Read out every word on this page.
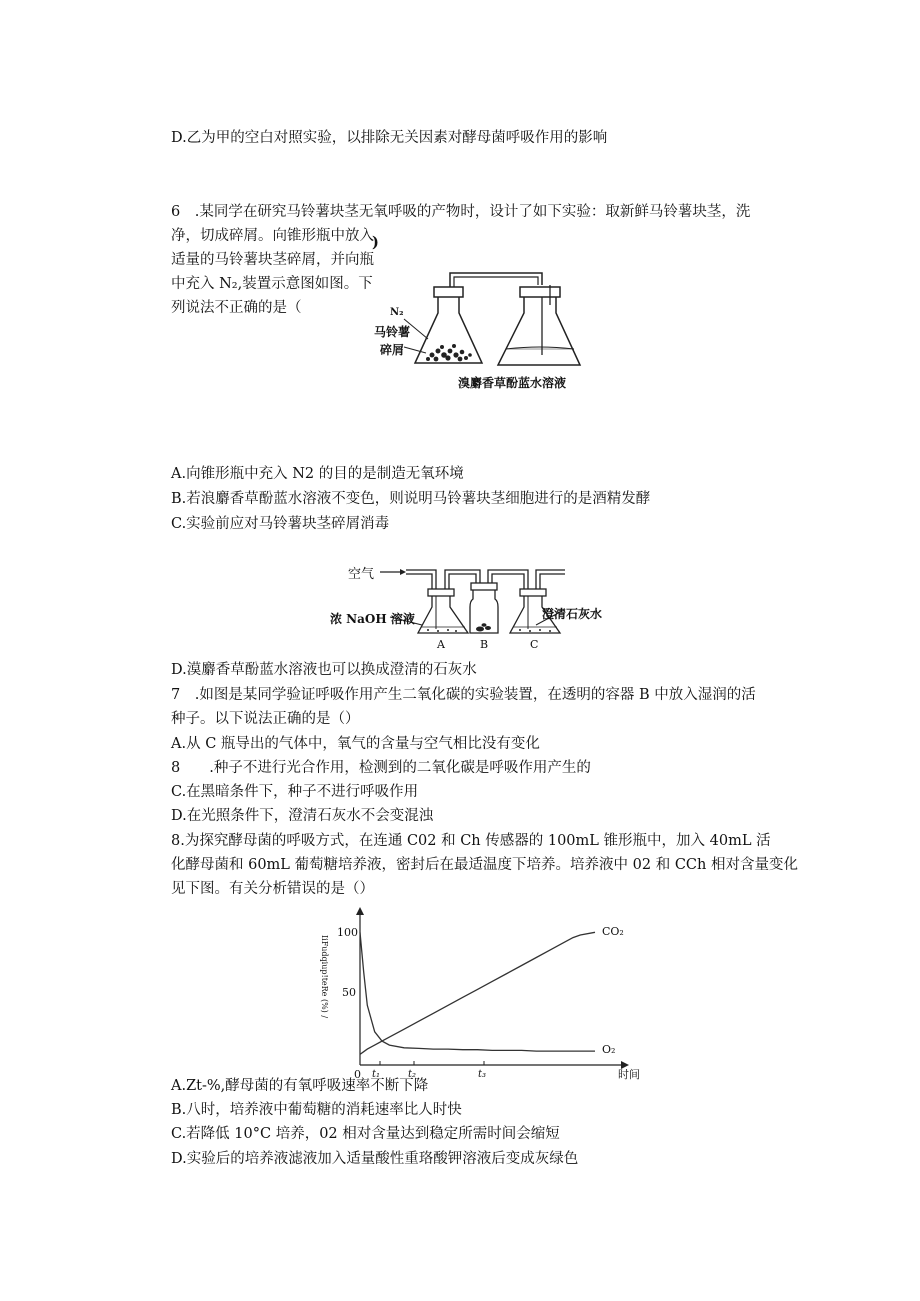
D.乙为甲的空白对照实验，以排除无关因素对酵母菌呼吸作用的影响
6　.某同学在研究马铃薯块茎无氧呼吸的产物时，设计了如下实验：取新鲜马铃薯块茎，洗
净，切成碎屑。向锥形瓶中放入
适量的马铃薯块茎碎屑，并向瓶
中充入 N₂,装置示意图如图。下
列说法不正确的是（
)
N₂
马铃薯
碎屑
溴麝香草酚蓝水溶液
A.向锥形瓶中充入 N2 的目的是制造无氧环境
B.若浪麝香草酚蓝水溶液不变色，则说明马铃薯块茎细胞进行的是酒精发酵
C.实验前应对马铃薯块茎碎屑消毒
空气
浓 NaOH 溶液	澄清石灰水
A	B	C
D.漠麝香草酚蓝水溶液也可以换成澄清的石灰水
7　.如图是某同学验证呼吸作用产生二氧化碳的实验装置，在透明的容器 B 中放入湿润的活
种子。以下说法正确的是（）
A.从 C 瓶导出的气体中，氧气的含量与空气相比没有变化
8　　.种子不进行光合作用，检测到的二氧化碳是呼吸作用产生的
C.在黑暗条件下，种子不进行呼吸作用
D.在光照条件下，澄清石灰水不会变混浊
8.为探究酵母菌的呼吸方式，在连通 C02 和 Ch 传感器的 100mL 锥形瓶中，加入 40mL 活
化酵母菌和 60mL 葡萄糖培养液，密封后在最适温度下培养。培养液中 02 和 CCh 相对含量变化
见下图。有关分析错误的是（）
IiFudqiup!teRe (%) /
0	时间
100
50
t₁	t₂	t₃
CO₂
O₂
A.Zt-%,酵母菌的有氧呼吸速率不断下降
B.八时，培养液中葡萄糖的消耗速率比人时快
C.若降低 10°C 培养，02 相对含量达到稳定所需时间会缩短
D.实验后的培养液滤液加入适量酸性重珞酸钾溶液后变成灰绿色
